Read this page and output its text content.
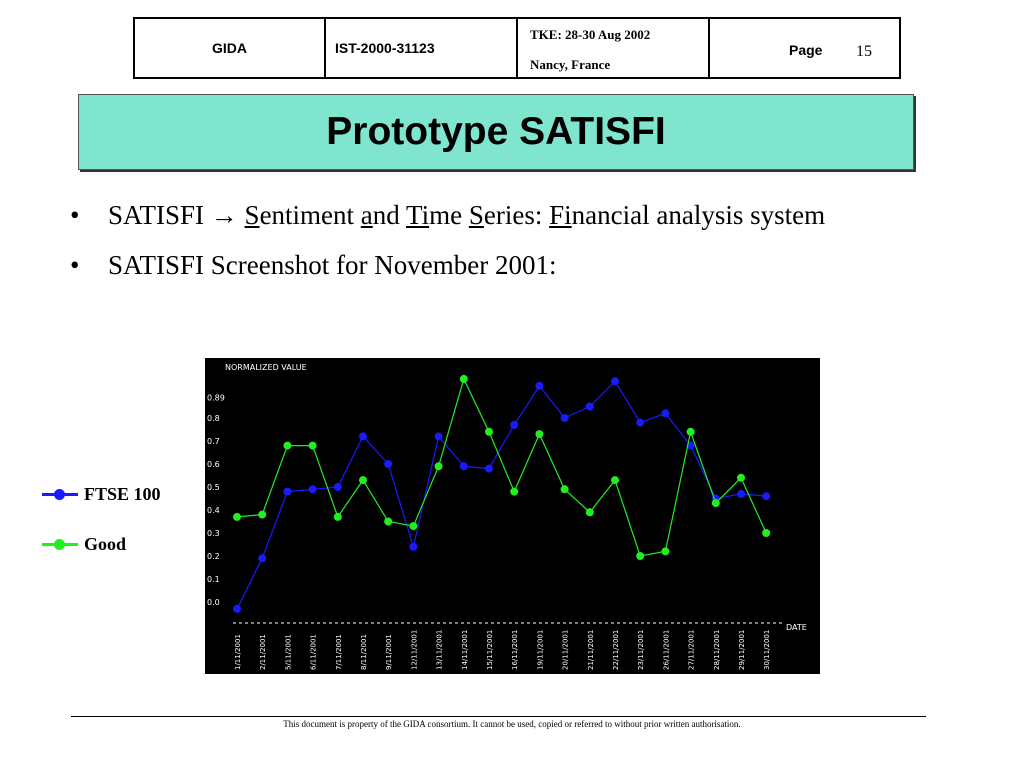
GIDA	IST-2000-31123
TKE: 28-30 Aug 2002
Nancy, France
Page 15
Prototype SATISFI
• SATISFI → Sentiment and Time Series: Financial analysis system
• SATISFI Screenshot for November 2001:
NORMALIZED VALUE
DATE
0.0
0.1
0.2
0.3
0.4
0.5
0.6
0.7
0.8
0.89
1/11/2001 2/11/2001 5/11/2001 6/11/2001 7/11/2001 8/11/2001 9/11/2001 12/11/2001 13/11/2001 14/11/2001 15/11/2001 16/11/2001 19/11/2001 20/11/2001 21/11/2001 22/11/2001 23/11/2001 26/11/2001 27/11/2001 28/11/2001 29/11/2001 30/11/2001
FTSE 100
Good
This document is property of the GIDA consortium. It cannot be used, copied or referred to without prior written authorisation.
